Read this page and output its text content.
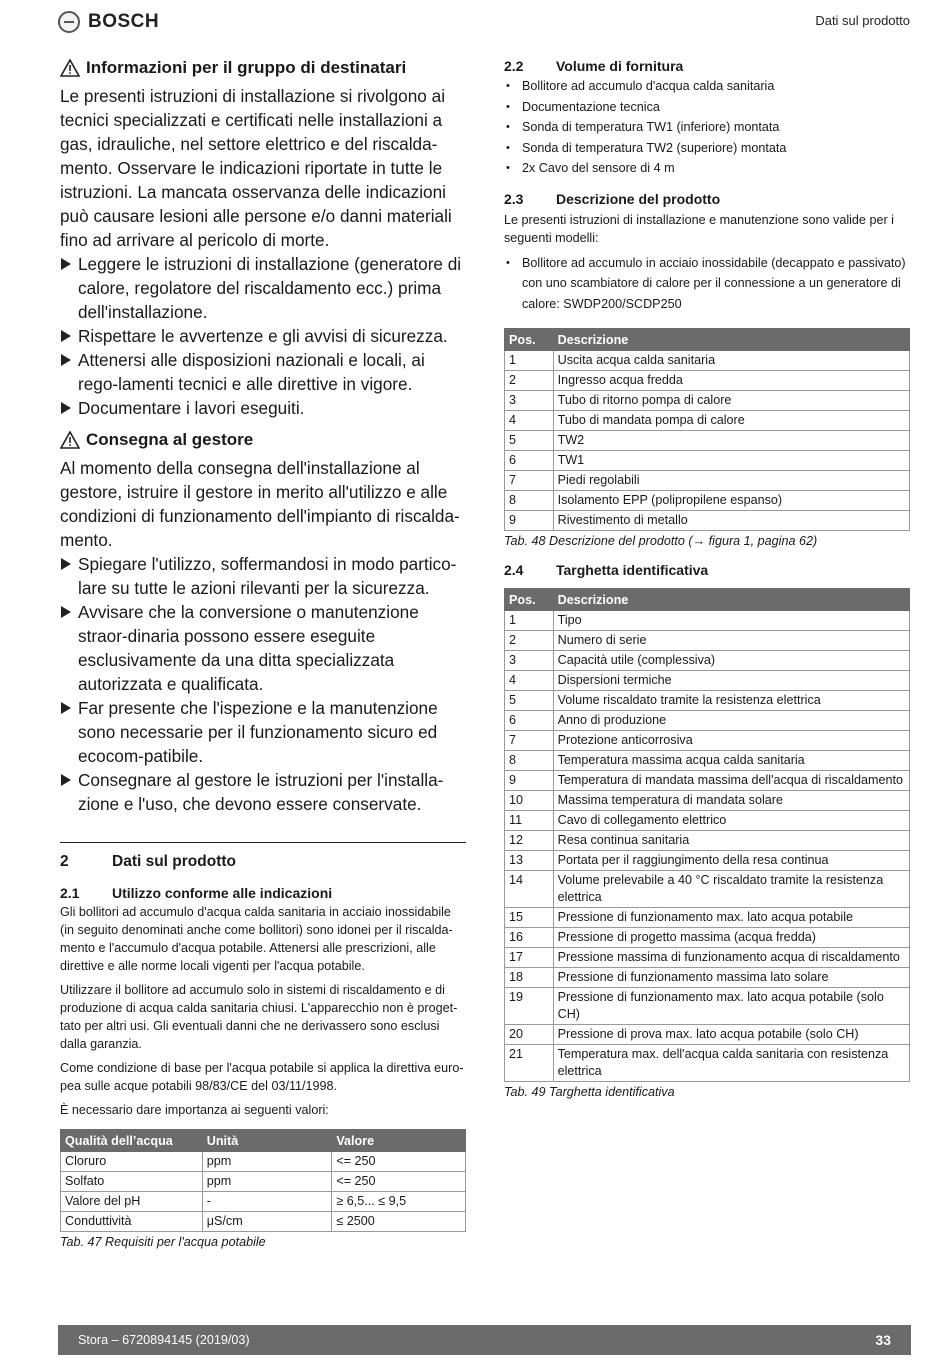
BOSCH	Dati sul prodotto
Informazioni per il gruppo di destinatari

Le presenti istruzioni di installazione si rivolgono ai tecnici specializzati e certificati nelle installazioni a gas, idrauliche, nel settore elettrico e del riscalda-mento. Osservare le indicazioni riportate in tutte le istruzioni. La mancata osservanza delle indicazioni può causare lesioni alle persone e/o danni materiali fino ad arrivare al pericolo di morte.

Leggere le istruzioni di installazione (generatore di calore, regolatore del riscaldamento ecc.) prima dell'installazione.
Rispettare le avvertenze e gli avvisi di sicurezza.
Attenersi alle disposizioni nazionali e locali, ai rego-lamenti tecnici e alle direttive in vigore.
Documentare i lavori eseguiti.
Consegna al gestore

Al momento della consegna dell'installazione al gestore, istruire il gestore in merito all'utilizzo e alle condizioni di funzionamento dell'impianto di riscalda-mento.

Spiegare l'utilizzo, soffermandosi in modo partico-lare su tutte le azioni rilevanti per la sicurezza.
Avvisare che la conversione o manutenzione straor-dinaria possono essere eseguite esclusivamente da una ditta specializzata autorizzata e qualificata.
Far presente che l'ispezione e la manutenzione sono necessarie per il funzionamento sicuro ed ecocom-patibile.
Consegnare al gestore le istruzioni per l'installa-zione e l'uso, che devono essere conservate.
2	Dati sul prodotto
2.1	Utilizzo conforme alle indicazioni

Gli bollitori ad accumulo d'acqua calda sanitaria in acciaio inossidabile (in seguito denominati anche come bollitori) sono idonei per il riscalda-mento e l'accumulo d'acqua potabile. Attenersi alle prescrizioni, alle direttive e alle norme locali vigenti per l'acqua potabile.

Utilizzare il bollitore ad accumulo solo in sistemi di riscaldamento e di produzione di acqua calda sanitaria chiusi. L'apparecchio non è proget-tato per altri usi. Gli eventuali danni che ne derivassero sono esclusi dalla garanzia.

Come condizione di base per l'acqua potabile si applica la direttiva euro-pea sulle acque potabili 98/83/CE del 03/11/1998.

È necessario dare importanza ai seguenti valori:

Qualità dell’acqua	Unità	Valore
Cloruro	ppm	<= 250
Solfato	ppm	<= 250
Valore del pH	-	≥ 6,5... ≤ 9,5
Conduttività	μS/cm	≤ 2500
Tab. 47 Requisiti per l'acqua potabile
2.2	Volume di fornitura
• Bollitore ad accumulo d'acqua calda sanitaria
• Documentazione tecnica
• Sonda di temperatura TW1 (inferiore) montata
• Sonda di temperatura TW2 (superiore) montata
• 2x Cavo del sensore di 4 m
2.3	Descrizione del prodotto

Le presenti istruzioni di installazione e manutenzione sono valide per i seguenti modelli:

• Bollitore ad accumulo in acciaio inossidabile (decappato e passivato) con uno scambiatore di calore per il connessione a un generatore di calore: SWDP200/SCDP250
Pos.	Descrizione
1	Uscita acqua calda sanitaria
2	Ingresso acqua fredda
3	Tubo di ritorno pompa di calore
4	Tubo di mandata pompa di calore
5	TW2
6	TW1
7	Piedi regolabili
8	Isolamento EPP (polipropilene espanso)
9	Rivestimento di metallo
Tab. 48 Descrizione del prodotto (→ figura 1, pagina 62)
2.4	Targhetta identificativa
Pos.	Descrizione
1	Tipo
2	Numero di serie
3	Capacità utile (complessiva)
4	Dispersioni termiche
5	Volume riscaldato tramite la resistenza elettrica
6	Anno di produzione
7	Protezione anticorrosiva
8	Temperatura massima acqua calda sanitaria
9	Temperatura di mandata massima dell'acqua di riscaldamento
10	Massima temperatura di mandata solare
11	Cavo di collegamento elettrico
12	Resa continua sanitaria
13	Portata per il raggiungimento della resa continua
14	Volume prelevabile a 40 °C riscaldato tramite la resistenza elettrica
15	Pressione di funzionamento max. lato acqua potabile
16	Pressione di progetto massima (acqua fredda)
17	Pressione massima di funzionamento acqua di riscaldamento
18	Pressione di funzionamento massima lato solare
19	Pressione di funzionamento max. lato acqua potabile (solo CH)
20	Pressione di prova max. lato acqua potabile (solo CH)
21	Temperatura max. dell'acqua calda sanitaria con resistenza elettrica
Tab. 49 Targhetta identificativa
Stora – 6720894145 (2019/03)	33
